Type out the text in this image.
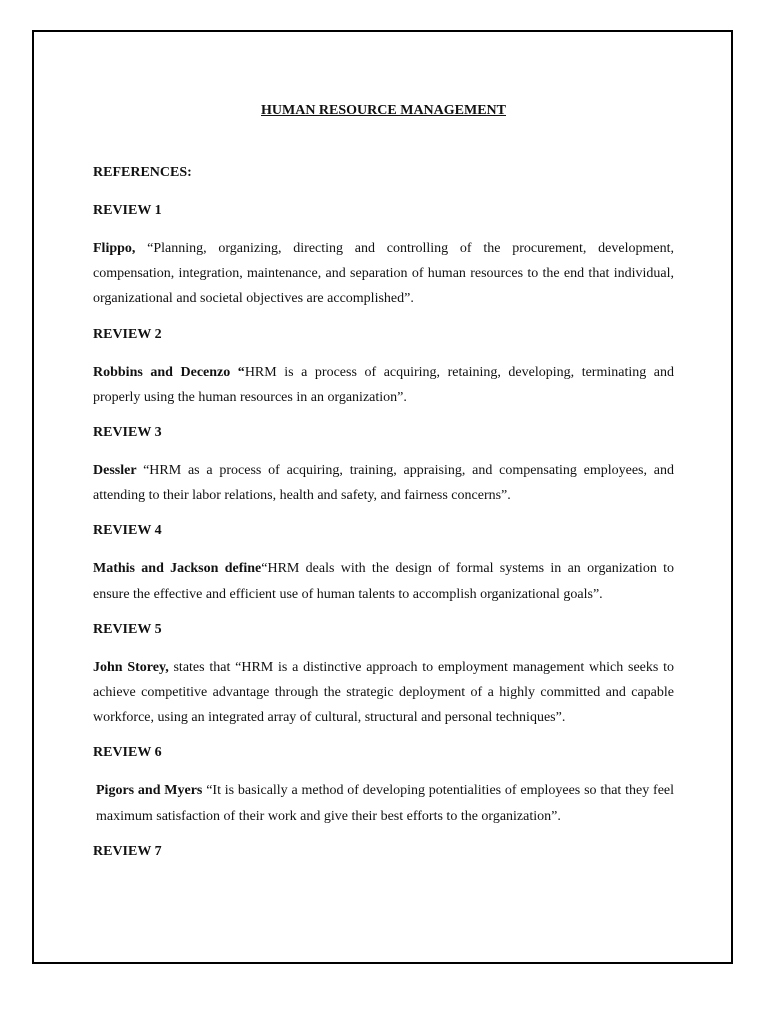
HUMAN RESOURCE MANAGEMENT
REFERENCES:
REVIEW 1
Flippo, “Planning, organizing, directing and controlling of the procurement, development, compensation, integration, maintenance, and separation of human resources to the end that individual, organizational and societal objectives are accomplished”.
REVIEW 2
Robbins and Decenzo “HRM is a process of acquiring, retaining, developing, terminating and properly using the human resources in an organization”.
REVIEW 3
Dessler “HRM as a process of acquiring, training, appraising, and compensating employees, and attending to their labor relations, health and safety, and fairness concerns”.
REVIEW 4
Mathis and Jackson define“HRM deals with the design of formal systems in an organization to ensure the effective and efficient use of human talents to accomplish organizational goals”.
REVIEW 5
John Storey, states that “HRM is a distinctive approach to employment management which seeks to achieve competitive advantage through the strategic deployment of a highly committed and capable workforce, using an integrated array of cultural, structural and personal techniques”.
REVIEW 6
Pigors and Myers “It is basically a method of developing potentialities of employees so that they feel maximum satisfaction of their work and give their best efforts to the organization”.
REVIEW 7
